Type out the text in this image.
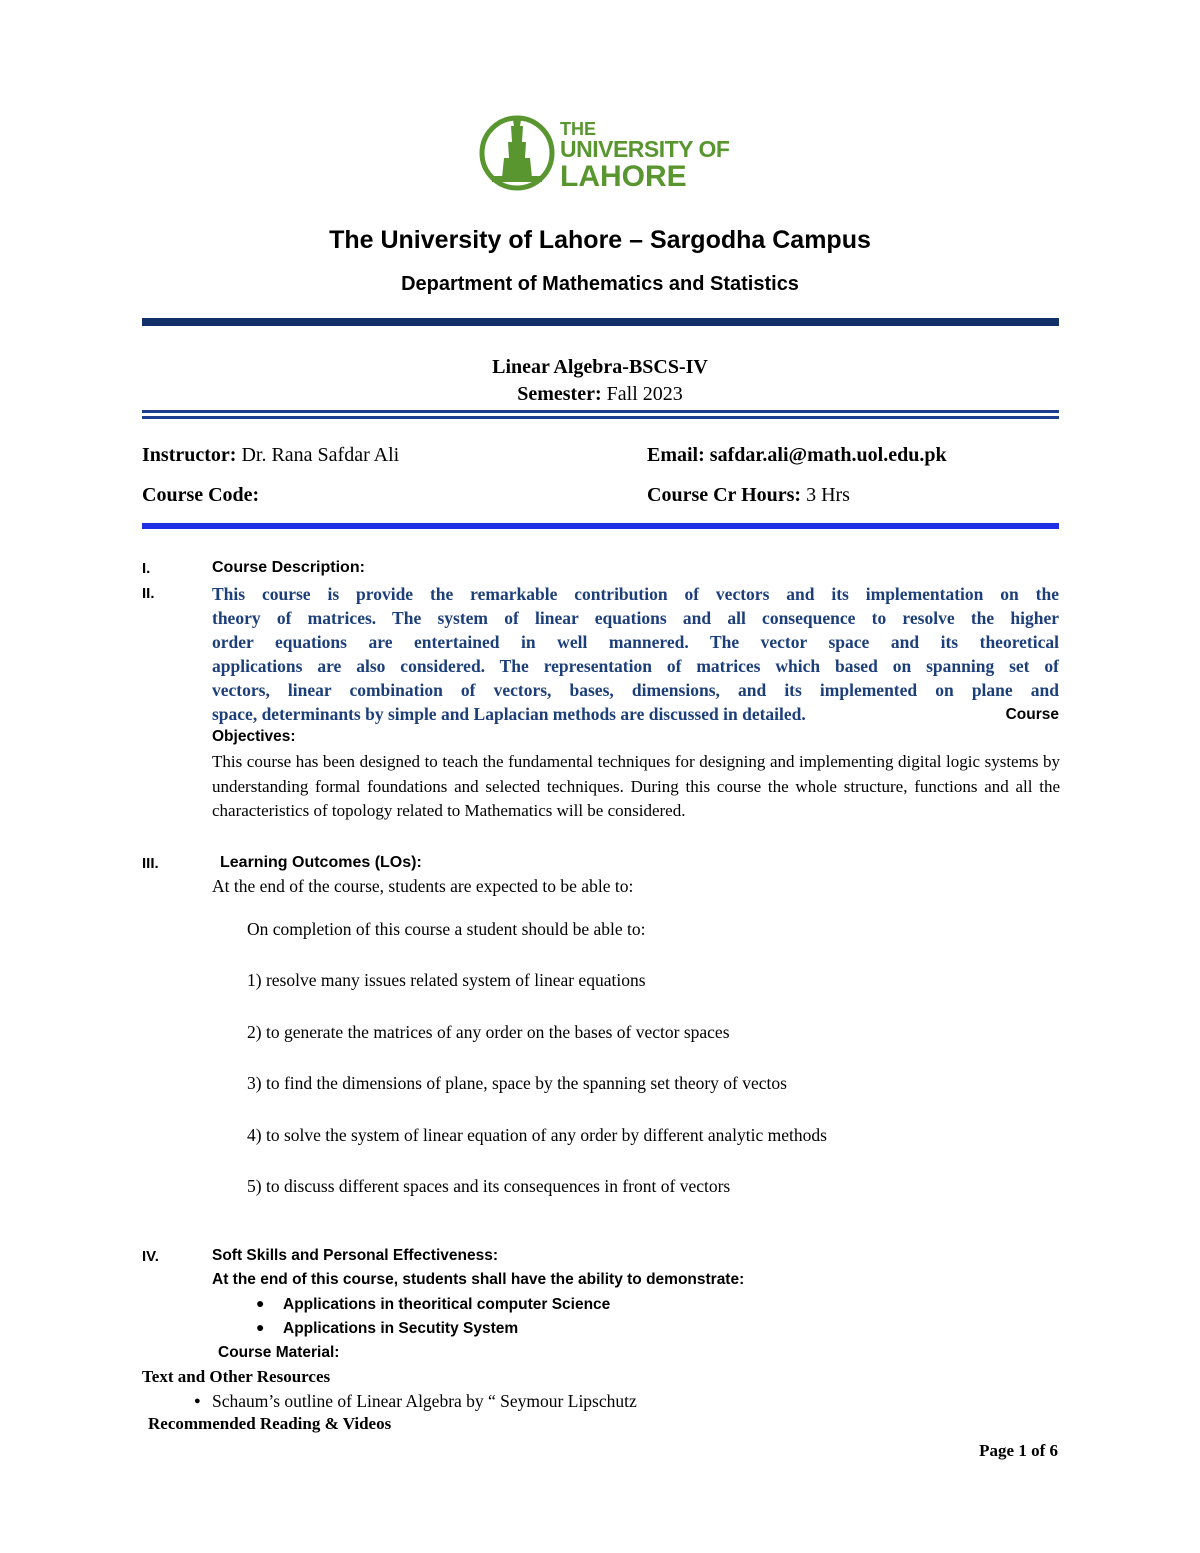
THE
UNIVERSITY OF
LAHORE
The University of Lahore – Sargodha Campus
Department of Mathematics and Statistics
Linear Algebra-BSCS-IV
Semester: Fall 2023
Instructor: Dr. Rana Safdar Ali	Email: safdar.ali@math.uol.edu.pk
Course Code:	Course Cr Hours: 3 Hrs
I.	Course Description:
II.	This course is provide the remarkable contribution of vectors and its implementation on the
theory of matrices. The system of linear equations and all consequence to resolve the higher
order equations are entertained in well mannered. The vector space and its theoretical
applications are also considered. The representation of matrices which based on spanning set of
vectors, linear combination of vectors, bases, dimensions, and its implemented on plane and
space, determinants by simple and Laplacian methods are discussed in detailed.	Course
Objectives:
This course has been designed to teach the fundamental techniques for designing and implementing digital logic systems by understanding formal foundations and selected techniques. During this course the whole structure, functions and all the characteristics of topology related to Mathematics will be considered.
III.	Learning Outcomes (LOs):
At the end of the course, students are expected to be able to:
On completion of this course a student should be able to:
1) resolve many issues related system of linear equations
2) to generate the matrices of any order on the bases of vector spaces
3) to find the dimensions of plane, space by the spanning set theory of vectos
4) to solve the system of linear equation of any order by different analytic methods
5) to discuss different spaces and its consequences in front of vectors
IV.	Soft Skills and Personal Effectiveness:
At the end of this course, students shall have the ability to demonstrate:
● Applications in theoritical computer Science
● Applications in Secutity System
Course Material:
Text and Other Resources
● Schaum’s outline of Linear Algebra by “ Seymour Lipschutz
Recommended Reading & Videos
Page 1 of 6
